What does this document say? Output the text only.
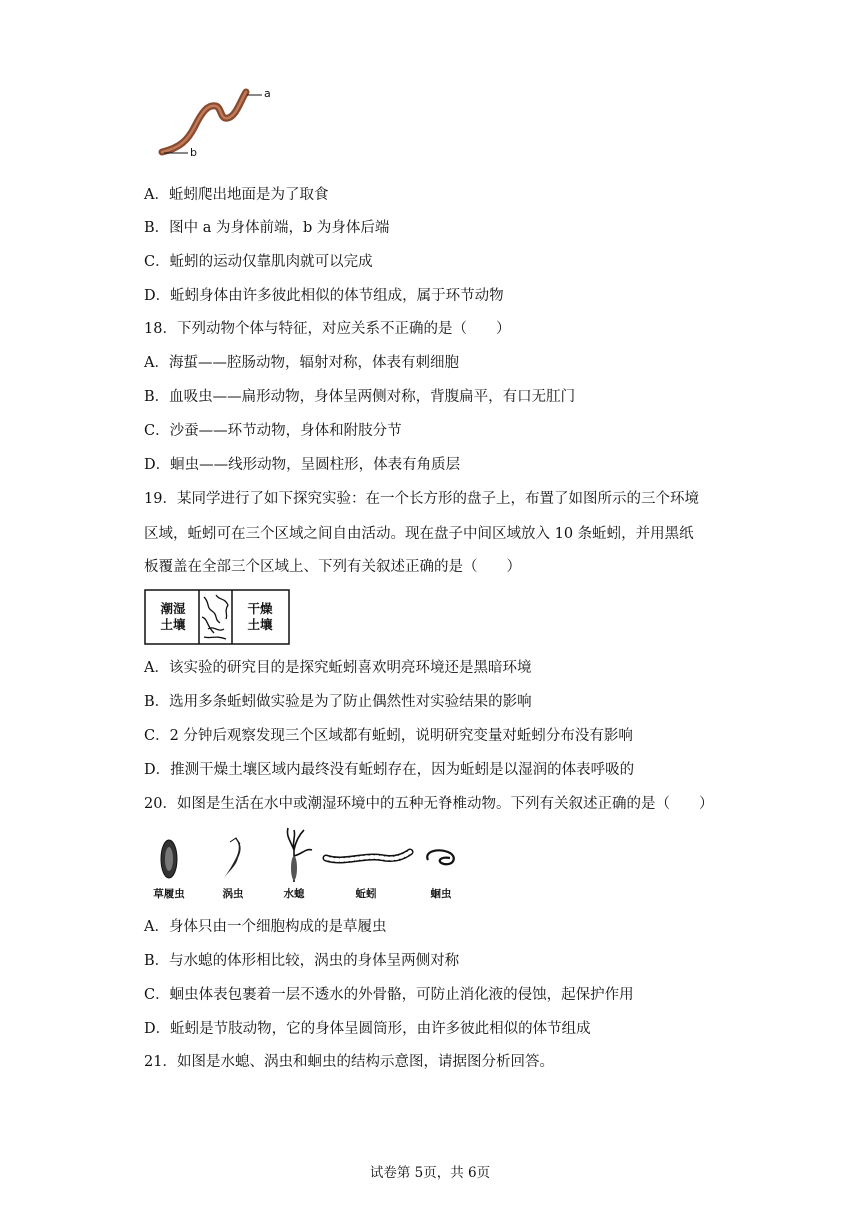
a
b
A．蚯蚓爬出地面是为了取食
B．图中 a 为身体前端，b 为身体后端
C．蚯蚓的运动仅靠肌肉就可以完成
D．蚯蚓身体由许多彼此相似的体节组成，属于环节动物
18．下列动物个体与特征，对应关系不正确的是（　　）
A．海蜇——腔肠动物，辐射对称，体表有刺细胞
B．血吸虫——扁形动物，身体呈两侧对称，背腹扁平，有口无肛门
C．沙蚕——环节动物，身体和附肢分节
D．蛔虫——线形动物，呈圆柱形，体表有角质层
19．某同学进行了如下探究实验：在一个长方形的盘子上，布置了如图所示的三个环境
区域，蚯蚓可在三个区域之间自由活动。现在盘子中间区域放入 10 条蚯蚓，并用黑纸
板覆盖在全部三个区域上、下列有关叙述正确的是（　　）
潮湿
土壤
干燥
土壤
A．该实验的研究目的是探究蚯蚓喜欢明亮环境还是黑暗环境
B．选用多条蚯蚓做实验是为了防止偶然性对实验结果的影响
C．2 分钟后观察发现三个区域都有蚯蚓，说明研究变量对蚯蚓分布没有影响
D．推测干燥土壤区域内最终没有蚯蚓存在，因为蚯蚓是以湿润的体表呼吸的
20．如图是生活在水中或潮湿环境中的五种无脊椎动物。下列有关叙述正确的是（　　）
草履虫	涡虫	水螅	蚯蚓	蛔虫
A．身体只由一个细胞构成的是草履虫
B．与水螅的体形相比较，涡虫的身体呈两侧对称
C．蛔虫体表包裹着一层不透水的外骨骼，可防止消化液的侵蚀，起保护作用
D．蚯蚓是节肢动物，它的身体呈圆筒形，由许多彼此相似的体节组成
21．如图是水螅、涡虫和蛔虫的结构示意图，请据图分析回答。
试卷第 5页，共 6页
